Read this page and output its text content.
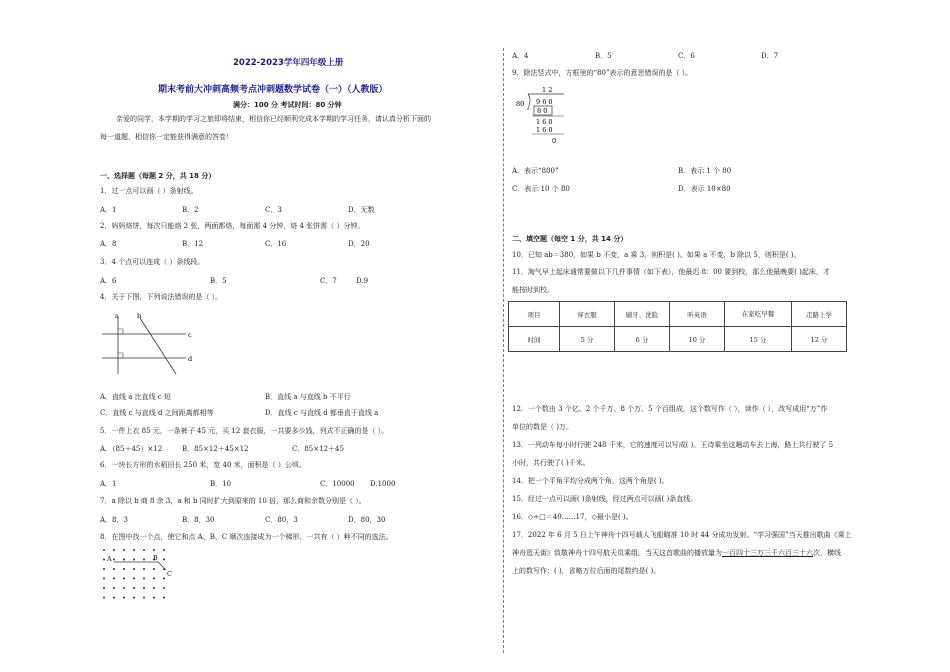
2022-2023学年四年级上册
期末考前大冲刺高频考点冲刺题数学试卷（一）（人教版）
满分：100 分 考试时间：80 分钟
亲爱的同学，本学期的学习之旅即将结束，相信你已经顺利完成本学期的学习任务，请认真分析下面的
每一道题，相信你一定能获得满意的答卷！
一、选择题（每题 2 分，共 18 分）
1．过一点可以画（ ）条射线。
A．1	B．2	C．3	D．无数
2．妈妈烙饼，每次只能烙 2 张，两面都烙，每面需 4 分钟，烙 4 张饼需（ ）分钟。
A．8	B．12	C．16	D．20
3．4 个点可以连成（ ）条线段。
A．6	B．5	C．7	D.9
4．关于下图，下列说法错误的是（ ）。
a	b
c
d
A．直线 a 比直线 c 短	B．直线 a 与直线 b 不平行
C．直线 c 与直线 d 之间距离都相等	D．直线 c 与直线 d 都垂直于直线 a
5．一件上衣 85 元，一条裤子 45 元，买 12 套衣服，一共要多少钱，列式不正确的是（ ）。
A．（85＋45）×12	B．85×12＋45×12	C．85×12＋45
6．一块长方形的水稻田长 250 米，宽 40 米，面积是（ ）公顷。
A．1	B．10	C．10000 D.1000
7．a 除以 b 商 8 余 3，a 和 b 同时扩大到原来的 10 倍，那么商和余数分别是（ ）。
A．8，3	B．8，30	C．80，3	D．80，30
8．在图中找一个点，使它和点 A、B、C 顺次连接成为一个梯形，一共有（ ）种不同的选法。
A	B
C
A．4	B．5	C．6	D．7
9．除法竖式中，方框里的“80”表示的意思错误的是（ ）。
1 2
80 9 6 0
8 0
1 6 0
1 6 0
0
A．表示“800”	B．表示 1 个 80
C．表示 10 个 80	D．表示 10×80
二、填空题（每空 1 分，共 14 分）
10．已知 ab＝380，如果 b 不变，a 乘 3，则积是( )。如果 a 不变，b 除以 5，则积是( )。
11．淘气早上起床通常要做以下几件事情（如下表），他最迟 8：00 要到校，那么他最晚要( )起床，才
能按时到校。
项目	穿衣服	刷牙、洗脸	听英语	在家吃早餐	走路上学
时间	5 分	6 分	10 分	15 分	12 分
12．一个数由 3 个亿、2 个千万、8 个万、5 个百组成，这个数写作（ ），读作（ ），改写成用“万”作
单位的数是（ )万。
13．一列动车每小时行驶 248 千米，它的速度可以写成( )。王诗乘坐这趟动车去上海，路上共行驶了 5
小时，共行驶了( )千米。
14．把一个平角平均分成两个角，这两个角是( )。
15．经过一点可以画( )条射线，经过两点可以画( )条直线。
16．◇÷□＝40……17，◇最小是( )。
17．2022 年 6 月 5 日上午神舟十四号载人飞船瞄准 10 时 44 分成功发射。“学习强国”当天推出歌曲《乘上
神舟逛天街》致敬神舟十四号航天员乘组。当天这首歌曲的播放量为一百四十三万三千六百三十六次，横线
上的数写作：( )，省略万位后面的尾数约是( )。
